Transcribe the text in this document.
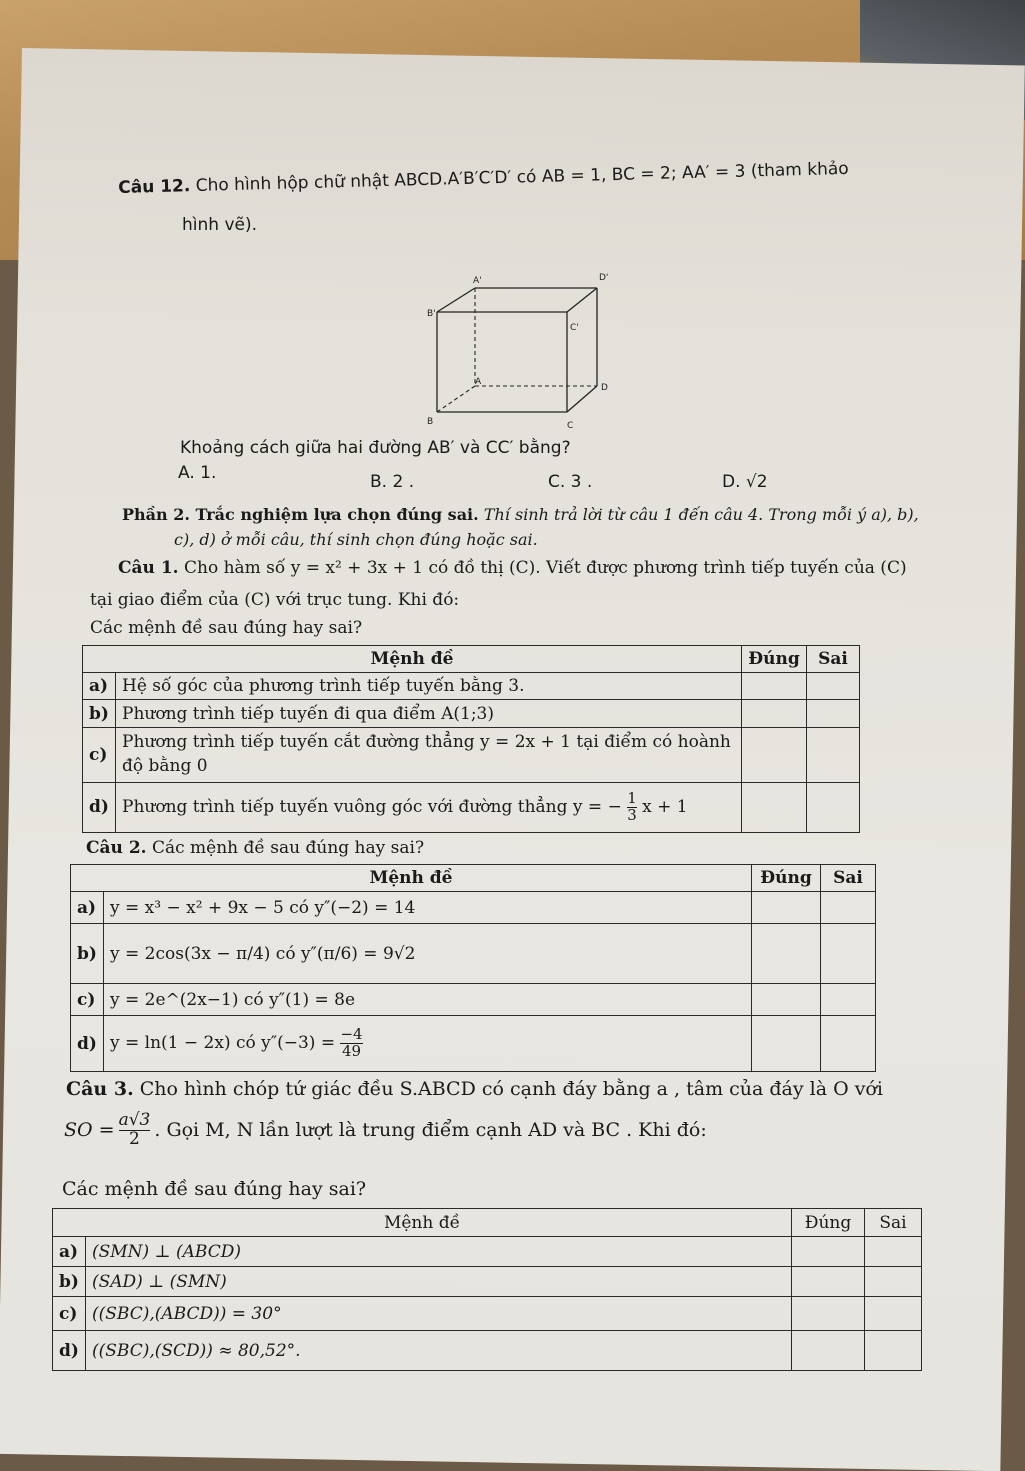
Câu 12. Cho hình hộp chữ nhật ABCD.A′B′C′D′ có AB = 1, BC = 2; AA′ = 3 (tham khảo
hình vẽ).
A'	D'
B'
C'
A
D
B	C
Khoảng cách giữa hai đường AB′ và CC′ bằng?
A. 1.	B. 2 .	C. 3 .	D. √2
Phần 2. Trắc nghiệm lựa chọn đúng sai. Thí sinh trả lời từ câu 1 đến câu 4. Trong mỗi ý a), b),
c), d) ở mỗi câu, thí sinh chọn đúng hoặc sai.
Câu 1. Cho hàm số y = x² + 3x + 1 có đồ thị (C). Viết được phương trình tiếp tuyến của (C)
tại giao điểm của (C) với trục tung. Khi đó:
Các mệnh đề sau đúng hay sai?
Mệnh đề		Đúng	Sai
a)	Hệ số góc của phương trình tiếp tuyến bằng 3.		
b)	Phương trình tiếp tuyến đi qua điểm A(1;3)		
c)	Phương trình tiếp tuyến cắt đường thẳng y = 2x + 1 tại điểm có hoành độ bằng 0		
d)	Phương trình tiếp tuyến vuông góc với đường thẳng y = − $\frac{1}{3}$ x + 1		
Câu 2. Các mệnh đề sau đúng hay sai?
Mệnh đề		Đúng	Sai
a)	y = x³ − x² + 9x − 5 có y″(−2) = 14		
b)	y = 2cos(3x − π/4) có y″(π/6) = 9√2		
c)	y = 2e^(2x−1) có y″(1) = 8e		
d)	y = ln(1 − 2x) có $y''(-3) = \frac{-4}{49}$

Câu 3. Cho hình chóp tứ giác đều S.ABCD có cạnh đáy bằng a , tâm của đáy là O với
SO = $\frac{a√3}{2}$ . Gọi M, N lần lượt là trung điểm cạnh AD và BC . Khi đó:
Các mệnh đề sau đúng hay sai?
Mệnh đề		Đúng	Sai
a)	(SMN) ⊥ (ABCD)		
b)	(SAD) ⊥ (SMN)		
c)	((SBC),(ABCD)) = 30°		
d)	((SBC),(SCD)) ≈ 80,52°.		
